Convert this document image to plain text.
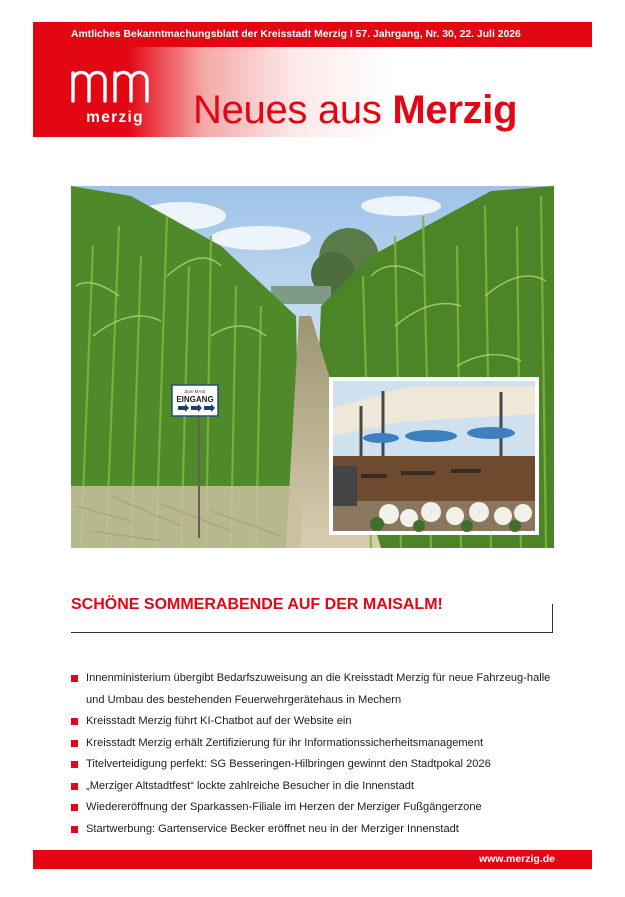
Amtliches Bekanntmachungsblatt der Kreisstadt Merzig I 57. Jahrgang, Nr. 30, 22. Juli 2026
merzig Neues aus Merzig
Zum MAIS
EINGANG
SCHÖNE SOMMERABENDE AUF DER MAISALM!
Innenministerium übergibt Bedarfszuweisung an die Kreisstadt Merzig für neue Fahrzeug-halle und Umbau des bestehenden Feuerwehrgerätehaus in Mechern
Kreisstadt Merzig führt KI-Chatbot auf der Website ein
Kreisstadt Merzig erhält Zertifizierung für ihr Informationssicherheitsmanagement
Titelverteidigung perfekt: SG Besseringen-Hilbringen gewinnt den Stadtpokal 2026
„Merziger Altstadtfest“ lockte zahlreiche Besucher in die Innenstadt
Wiedereröffnung der Sparkassen-Filiale im Herzen der Merziger Fußgängerzone
Startwerbung: Gartenservice Becker eröffnet neu in der Merziger Innenstadt
www.merzig.de
